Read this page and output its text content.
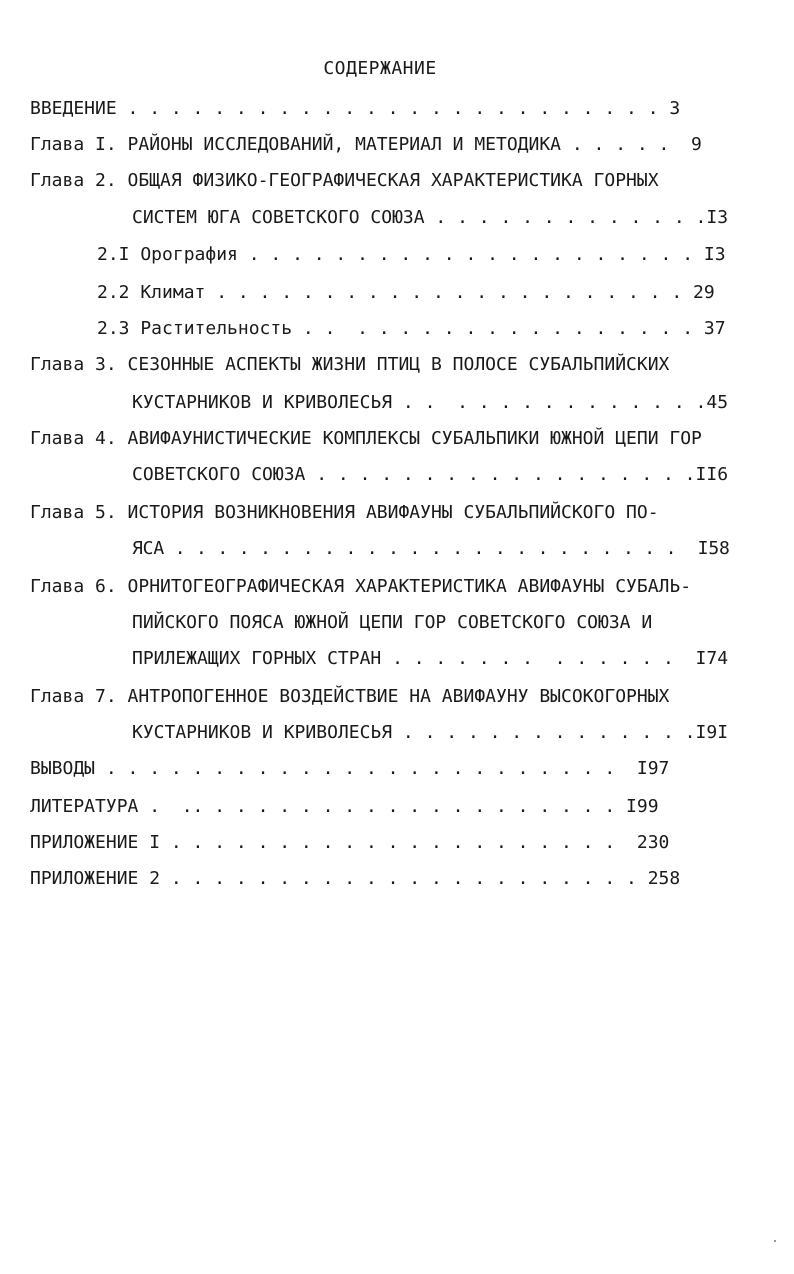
СОДЕРЖАНИЕ
ВВЕДЕНИЕ . . . . . . . . . . . . . . . . . . . . . . . . . 3
Глава I. РАЙОНЫ ИССЛЕДОВАНИЙ, МАТЕРИАЛ И МЕТОДИКА . . . . .  9
Глава 2. ОБЩАЯ ФИЗИКО-ГЕОГРАФИЧЕСКАЯ ХАРАКТЕРИСТИКА ГОРНЫХ
СИСТЕМ ЮГА СОВЕТСКОГО СОЮЗА . . . . . . . . . . . . .I3
2.I Орография . . . . . . . . . . . . . . . . . . . . . I3
2.2 Климат . . . . . . . . . . . . . . . . . . . . . . 29
2.3 Растительность . .  . . . . . . . . . . . . . . . . 37
Глава 3. СЕЗОННЫЕ АСПЕКТЫ ЖИЗНИ ПТИЦ В ПОЛОСЕ СУБАЛЬПИЙСКИХ
КУСТАРНИКОВ И КРИВОЛЕСЬЯ . .  . . . . . . . . . . . .45
Глава 4. АВИФАУНИСТИЧЕСКИЕ КОМПЛЕКСЫ СУБАЛЬПИКИ ЮЖНОЙ ЦЕПИ ГОР
СОВЕТСКОГО СОЮЗА . . . . . . . . . . . . . . . . . .II6
Глава 5. ИСТОРИЯ ВОЗНИКНОВЕНИЯ АВИФАУНЫ СУБАЛЬПИЙСКОГО ПО-
ЯСА . . . . . . . . . . . . . . . . . . . . . . . .  I58
Глава 6. ОРНИТОГЕОГРАФИЧЕСКАЯ ХАРАКТЕРИСТИКА АВИФАУНЫ СУБАЛЬ-
ПИЙСКОГО ПОЯСА ЮЖНОЙ ЦЕПИ ГОР СОВЕТСКОГО СОЮЗА И
ПРИЛЕЖАЩИХ ГОРНЫХ СТРАН . . . . . . .  . . . . . .  I74
Глава 7. АНТРОПОГЕННОЕ ВОЗДЕЙСТВИЕ НА АВИФАУНУ ВЫСОКОГОРНЫХ
КУСТАРНИКОВ И КРИВОЛЕСЬЯ . . . . . . . . . . . . . .I9I
ВЫВОДЫ . . . . . . . . . . . . . . . . . . . . . . . .  I97
ЛИТЕРАТУРА .  .. . . . . . . . . . . . . . . . . . . . I99
ПРИЛОЖЕНИЕ I . . . . . . . . . . . . . . . . . . . . .  230
ПРИЛОЖЕНИЕ 2 . . . . . . . . . . . . . . . . . . . . . . 258
